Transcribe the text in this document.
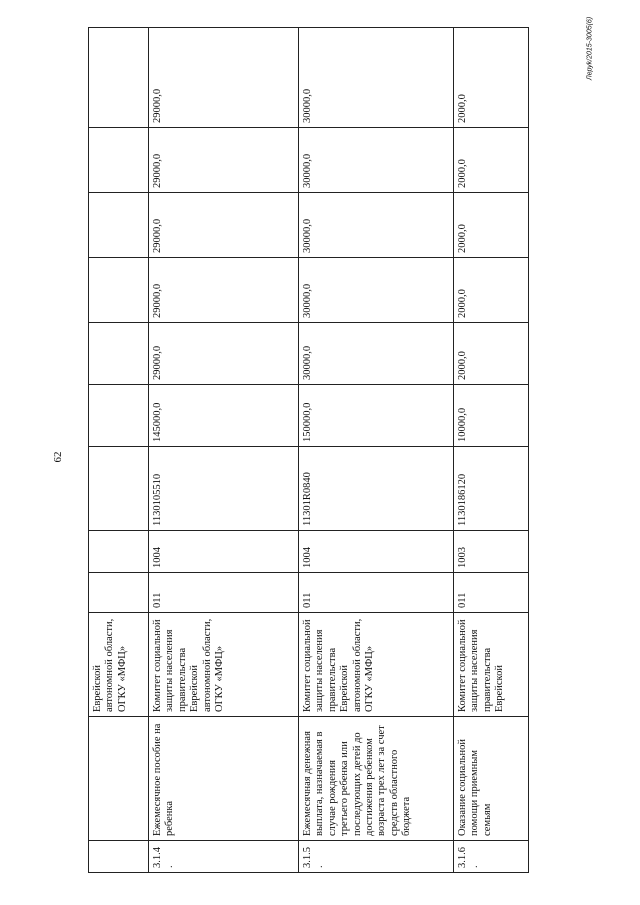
62
Леруk/2015-3005(6)
		Еврейской автономной области, ОГКУ «МФЦ»									
3.1.4.	Ежемесячное пособие на ребенка	Комитет социальной защиты населения правительства Еврейской автономной области, ОГКУ «МФЦ»	011	1004	1130105510	145000,0	29000,0	29000,0	29000,0	29000,0	29000,0
3.1.5.	Ежемесячная денежная выплата, назначаемая в случае рождения третьего ребенка или последующих детей до достижения ребенком возраста трех лет за счет средств областного бюджета	Комитет социальной защиты населения правительства Еврейской автономной области, ОГКУ «МФЦ»	011	1004	11301R0840	150000,0	30000,0	30000,0	30000,0	30000,0	30000,0
3.1.6.	Оказание социальной помощи приемным семьям	Комитет социальной защиты населения правительства Еврейской	011	1003	1130186120	10000,0	2000,0	2000,0	2000,0	2000,0	2000,0
